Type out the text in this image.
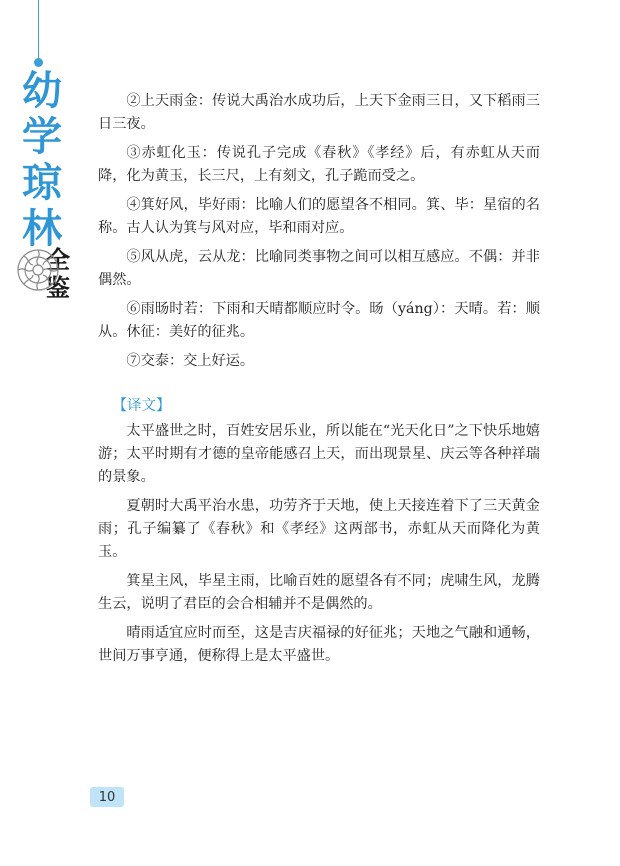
幼
学
琼
林
全
鉴

②上天雨金：传说大禹治水成功后，上天下金雨三日，又下稻雨三日三夜。

③赤虹化玉：传说孔子完成《春秋》《孝经》后，有赤虹从天而降，化为黄玉，长三尺，上有刻文，孔子跪而受之。

④箕好风，毕好雨：比喻人们的愿望各不相同。箕、毕：星宿的名称。古人认为箕与风对应，毕和雨对应。

⑤风从虎，云从龙：比喻同类事物之间可以相互感应。不偶：并非偶然。

⑥雨旸时若：下雨和天晴都顺应时令。旸（yáng）：天晴。若：顺从。休征：美好的征兆。

⑦交泰：交上好运。

【译文】

太平盛世之时，百姓安居乐业，所以能在“光天化日”之下快乐地嬉游；太平时期有才德的皇帝能感召上天，而出现景星、庆云等各种祥瑞的景象。

夏朝时大禹平治水患，功劳齐于天地，使上天接连着下了三天黄金雨；孔子编纂了《春秋》和《孝经》这两部书，赤虹从天而降化为黄玉。

箕星主风，毕星主雨，比喻百姓的愿望各有不同；虎啸生风，龙腾生云，说明了君臣的会合相辅并不是偶然的。

晴雨适宜应时而至，这是吉庆福禄的好征兆；天地之气融和通畅，世间万事亨通，便称得上是太平盛世。

10
